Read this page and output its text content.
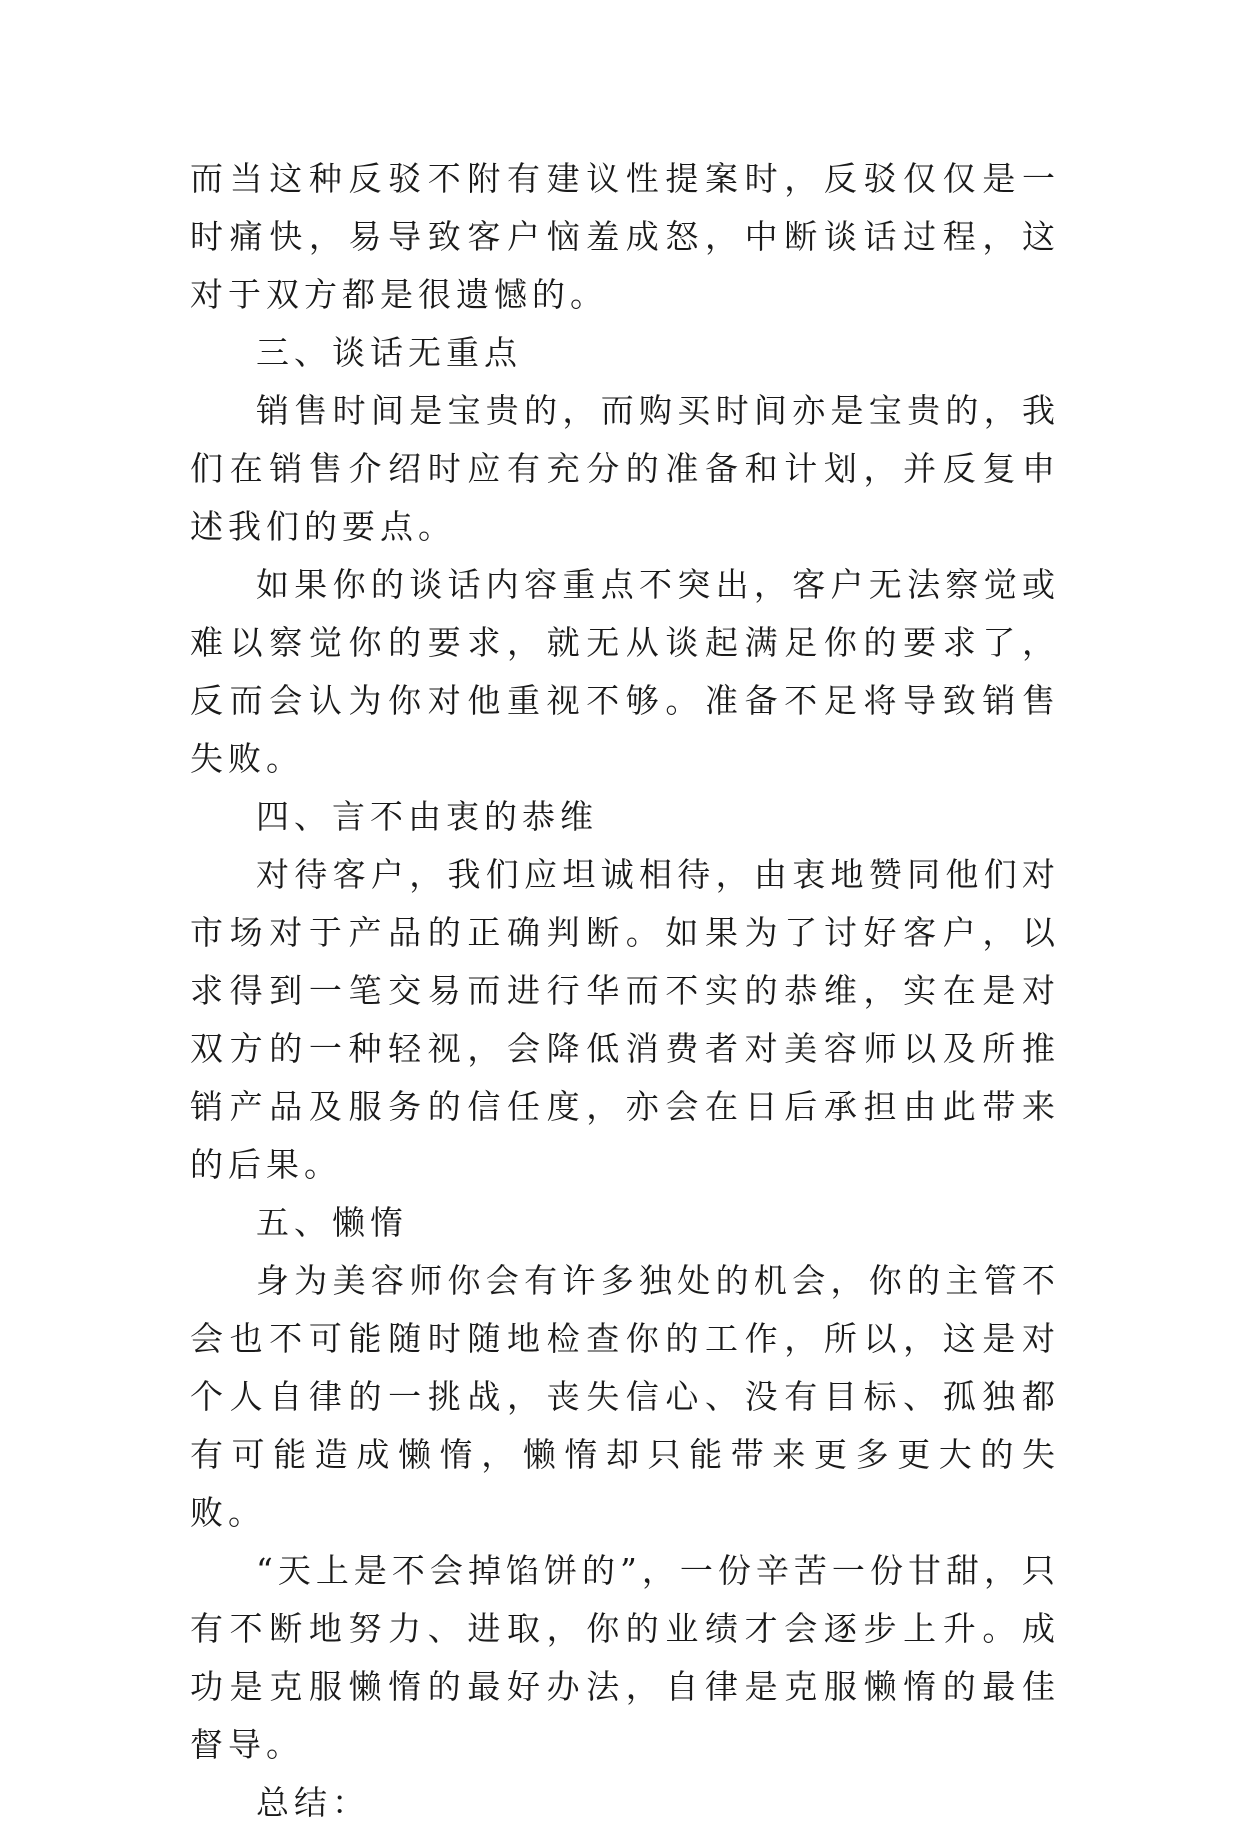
而当这种反驳不附有建议性提案时，反驳仅仅是一时痛快，易导致客户恼羞成怒，中断谈话过程，这对于双方都是很遗憾的。

三、谈话无重点

销售时间是宝贵的，而购买时间亦是宝贵的，我们在销售介绍时应有充分的准备和计划，并反复申述我们的要点。

如果你的谈话内容重点不突出，客户无法察觉或难以察觉你的要求，就无从谈起满足你的要求了，反而会认为你对他重视不够。准备不足将导致销售失败。

四、言不由衷的恭维

对待客户，我们应坦诚相待，由衷地赞同他们对市场对于产品的正确判断。如果为了讨好客户，以求得到一笔交易而进行华而不实的恭维，实在是对双方的一种轻视，会降低消费者对美容师以及所推销产品及服务的信任度，亦会在日后承担由此带来的后果。

五、懒惰

身为美容师你会有许多独处的机会，你的主管不会也不可能随时随地检查你的工作，所以，这是对个人自律的一挑战，丧失信心、没有目标、孤独都有可能造成懒惰，懒惰却只能带来更多更大的失败。

“天上是不会掉馅饼的”，一份辛苦一份甘甜，只有不断地努力、进取，你的业绩才会逐步上升。成功是克服懒惰的最好办法，自律是克服懒惰的最佳督导。

总结：
